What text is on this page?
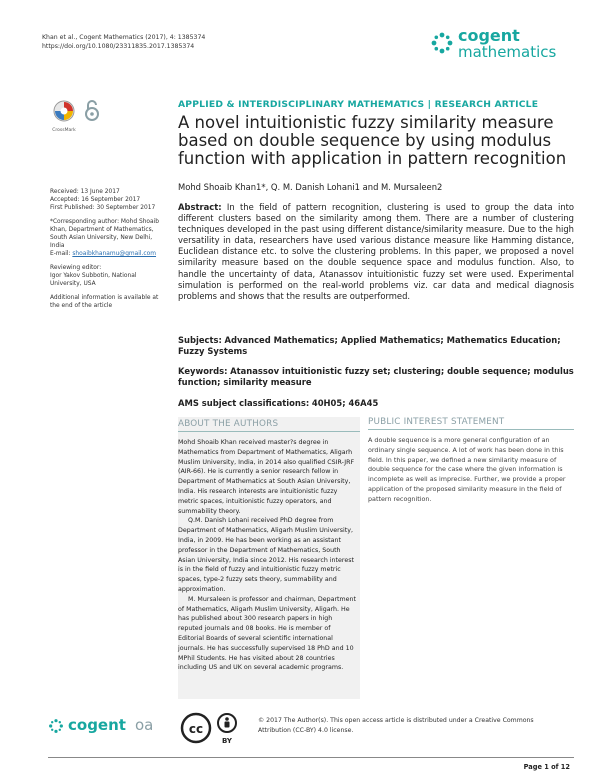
Khan et al., Cogent Mathematics (2017), 4: 1385374
https://doi.org/10.1080/23311835.2017.1385374
cogent
mathematics
CrossMark
APPLIED & INTERDISCIPLINARY MATHEMATICS | RESEARCH ARTICLE
A novel intuitionistic fuzzy similarity measure based on double sequence by using modulus function with application in pattern recognition
Mohd Shoaib Khan1*, Q. M. Danish Lohani1 and M. Mursaleen2

Received: 13 June 2017
Accepted: 16 September 2017
First Published: 30 September 2017

*Corresponding author: Mohd Shoaib Khan, Department of Mathematics, South Asian University, New Delhi, India
E-mail: shoaibkhanamu@gmail.com

Reviewing editor:
Igor Yakov Subbotin, National University, USA

Additional information is available at the end of the article

Abstract: In the field of pattern recognition, clustering is used to group the data into different clusters based on the similarity among them. There are a number of clustering techniques developed in the past using different distance/similarity measure. Due to the high versatility in data, researchers have used various distance measure like Hamming distance, Euclidean distance etc. to solve the clustering problems. In this paper, we proposed a novel similarity measure based on the double sequence space and modulus function. Also, to handle the uncertainty of data, Atanassov intuitionistic fuzzy set were used. Experimental simulation is performed on the real-world problems viz. car data and medical diagnosis problems and shows that the results are outperformed.
Subjects: Advanced Mathematics; Applied Mathematics; Mathematics Education; Fuzzy Systems
Keywords: Atanassov intuitionistic fuzzy set; clustering; double sequence; modulus function; similarity measure
AMS subject classifications: 40H05; 46A45
ABOUT THE AUTHORS

Mohd Shoaib Khan received master?s degree in Mathematics from Department of Mathematics, Aligarh Muslim University, India, in 2014 also qualified CSIR-JRF (AIR-66). He is currently a senior research fellow in Department of Mathematics at South Asian University, India. His research interests are intuitionistic fuzzy metric spaces, intuitionistic fuzzy operators, and summability theory.

Q.M. Danish Lohani received PhD degree from Department of Mathematics, Aligarh Muslim University, India, in 2009. He has been working as an assistant professor in the Department of Mathematics, South Asian University, India since 2012. His research interest is in the field of fuzzy and intuitionistic fuzzy metric spaces, type-2 fuzzy sets theory, summability and approximation.

M. Mursaleen is professor and chairman, Department of Mathematics, Aligarh Muslim University, Aligarh. He has published about 300 research papers in high reputed journals and 08 books. He is member of Editorial Boards of several scientific international journals. He has successfully supervised 18 PhD and 10 MPhil Students. He has visited about 28 countries including US and UK on several academic programs.

PUBLIC INTEREST STATEMENT
A double sequence is a more general configuration of an ordinary single sequence. A lot of work has been done in this field. In this paper, we defined a new similarity measure of double sequence for the case where the given information is incomplete as well as imprecise. Further, we provide a proper application of the proposed similarity measure in the field of pattern recognition.
cogent oa	cc
BY
© 2017 The Author(s). This open access article is distributed under a Creative Commons Attribution (CC-BY) 4.0 license.
Page 1 of 12
